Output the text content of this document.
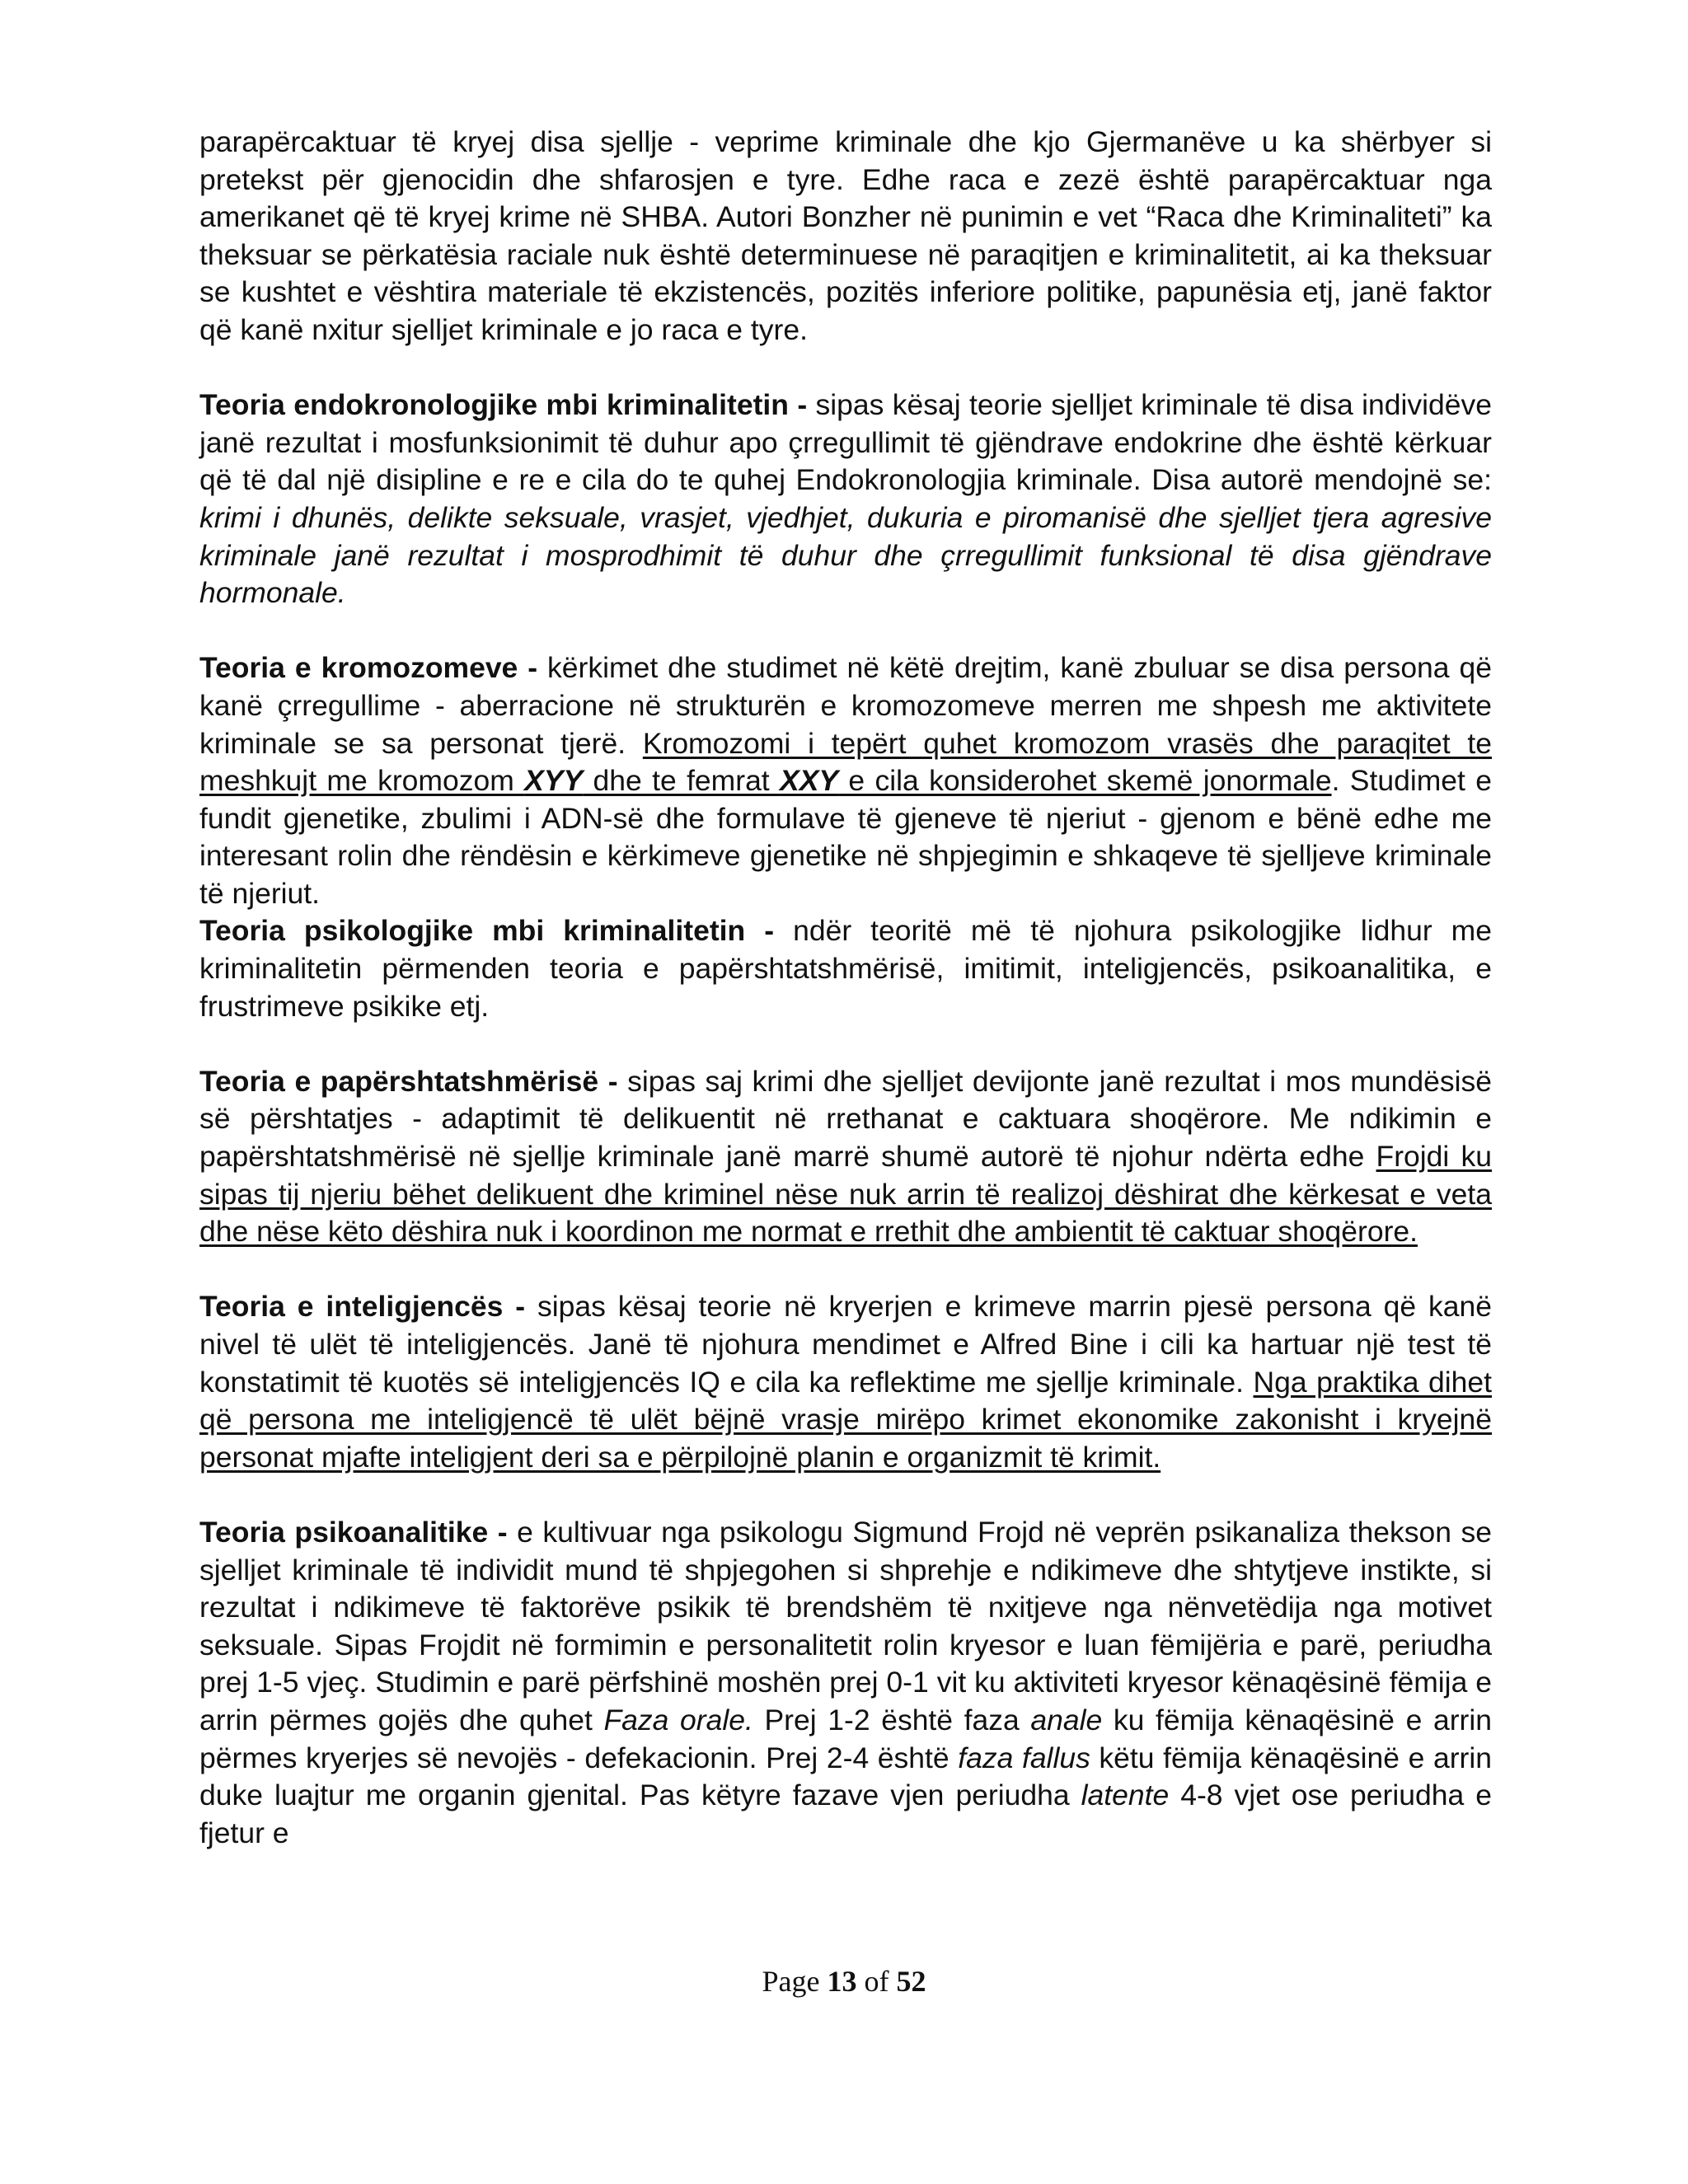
parapërcaktuar të kryej disa sjellje - veprime kriminale dhe kjo Gjermanëve u ka shërbyer si pretekst për gjenocidin dhe shfarosjen e tyre. Edhe raca e zezë është parapërcaktuar nga amerikanet që të kryej krime në SHBA. Autori Bonzher në punimin e vet “Raca dhe Kriminaliteti” ka theksuar se përkatësia raciale nuk është determinuese në paraqitjen e kriminalitetit, ai ka theksuar se kushtet e vështira materiale të ekzistencës, pozitës inferiore politike, papunësia etj, janë faktor që kanë nxitur sjelljet kriminale e jo raca e tyre.

Teoria endokronologjike mbi kriminalitetin - sipas kësaj teorie sjelljet kriminale të disa individëve janë rezultat i mosfunksionimit të duhur apo çrregullimit të gjëndrave endokrine dhe është kërkuar që të dal një disipline e re e cila do te quhej Endokronologjia kriminale. Disa autorë mendojnë se: krimi i dhunës, delikte seksuale, vrasjet, vjedhjet, dukuria e piromanisë dhe sjelljet tjera agresive kriminale janë rezultat i mosprodhimit të duhur dhe çrregullimit funksional të disa gjëndrave hormonale.

Teoria e kromozomeve - kërkimet dhe studimet në këtë drejtim, kanë zbuluar se disa persona që kanë çrregullime - aberracione në strukturën e kromozomeve merren me shpesh me aktivitete kriminale se sa personat tjerë. Kromozomi i tepërt quhet kromozom vrasës dhe paraqitet te meshkujt me kromozom XYY dhe te femrat XXY e cila konsiderohet skemë jonormale. Studimet e fundit gjenetike, zbulimi i ADN-së dhe formulave të gjeneve të njeriut - gjenom e bënë edhe me interesant rolin dhe rëndësin e kërkimeve gjenetike në shpjegimin e shkaqeve të sjelljeve kriminale të njeriut.

Teoria psikologjike mbi kriminalitetin - ndër teoritë më të njohura psikologjike lidhur me kriminalitetin përmenden teoria e papërshtatshmërisë, imitimit, inteligjencës, psikoanalitika, e frustrimeve psikike etj.

Teoria e papërshtatshmërisë - sipas saj krimi dhe sjelljet devijonte janë rezultat i mos mundësisë së përshtatjes - adaptimit të delikuentit në rrethanat e caktuara shoqërore. Me ndikimin e papërshtatshmërisë në sjellje kriminale janë marrë shumë autorë të njohur ndërta edhe Frojdi ku sipas tij njeriu bëhet delikuent dhe kriminel nëse nuk arrin të realizoj dëshirat dhe kërkesat e veta dhe nëse këto dëshira nuk i koordinon me normat e rrethit dhe ambientit të caktuar shoqërore.

Teoria e inteligjencës - sipas kësaj teorie në kryerjen e krimeve marrin pjesë persona që kanë nivel të ulët të inteligjencës. Janë të njohura mendimet e Alfred Bine i cili ka hartuar një test të konstatimit të kuotës së inteligjencës IQ e cila ka reflektime me sjellje kriminale. Nga praktika dihet që persona me inteligjencë të ulët bëjnë vrasje mirëpo krimet ekonomike zakonisht i kryejnë personat mjafte inteligjent deri sa e përpilojnë planin e organizmit të krimit.

Teoria psikoanalitike - e kultivuar nga psikologu Sigmund Frojd në veprën psikanaliza thekson se sjelljet kriminale të individit mund të shpjegohen si shprehje e ndikimeve dhe shtytjeve instikte, si rezultat i ndikimeve të faktorëve psikik të brendshëm të nxitjeve nga nënvetëdija nga motivet seksuale. Sipas Frojdit në formimin e personalitetit rolin kryesor e luan fëmijëria e parë, periudha prej 1-5 vjeç. Studimin e parë përfshinë moshën prej 0-1 vit ku aktiviteti kryesor kënaqësinë fëmija e arrin përmes gojës dhe quhet Faza orale. Prej 1-2 është faza anale ku fëmija kënaqësinë e arrin përmes kryerjes së nevojës - defekacionin. Prej 2-4 është faza fallus këtu fëmija kënaqësinë e arrin duke luajtur me organin gjenital. Pas këtyre fazave vjen periudha latente 4-8 vjet ose periudha e fjetur e

Page 13 of 52
